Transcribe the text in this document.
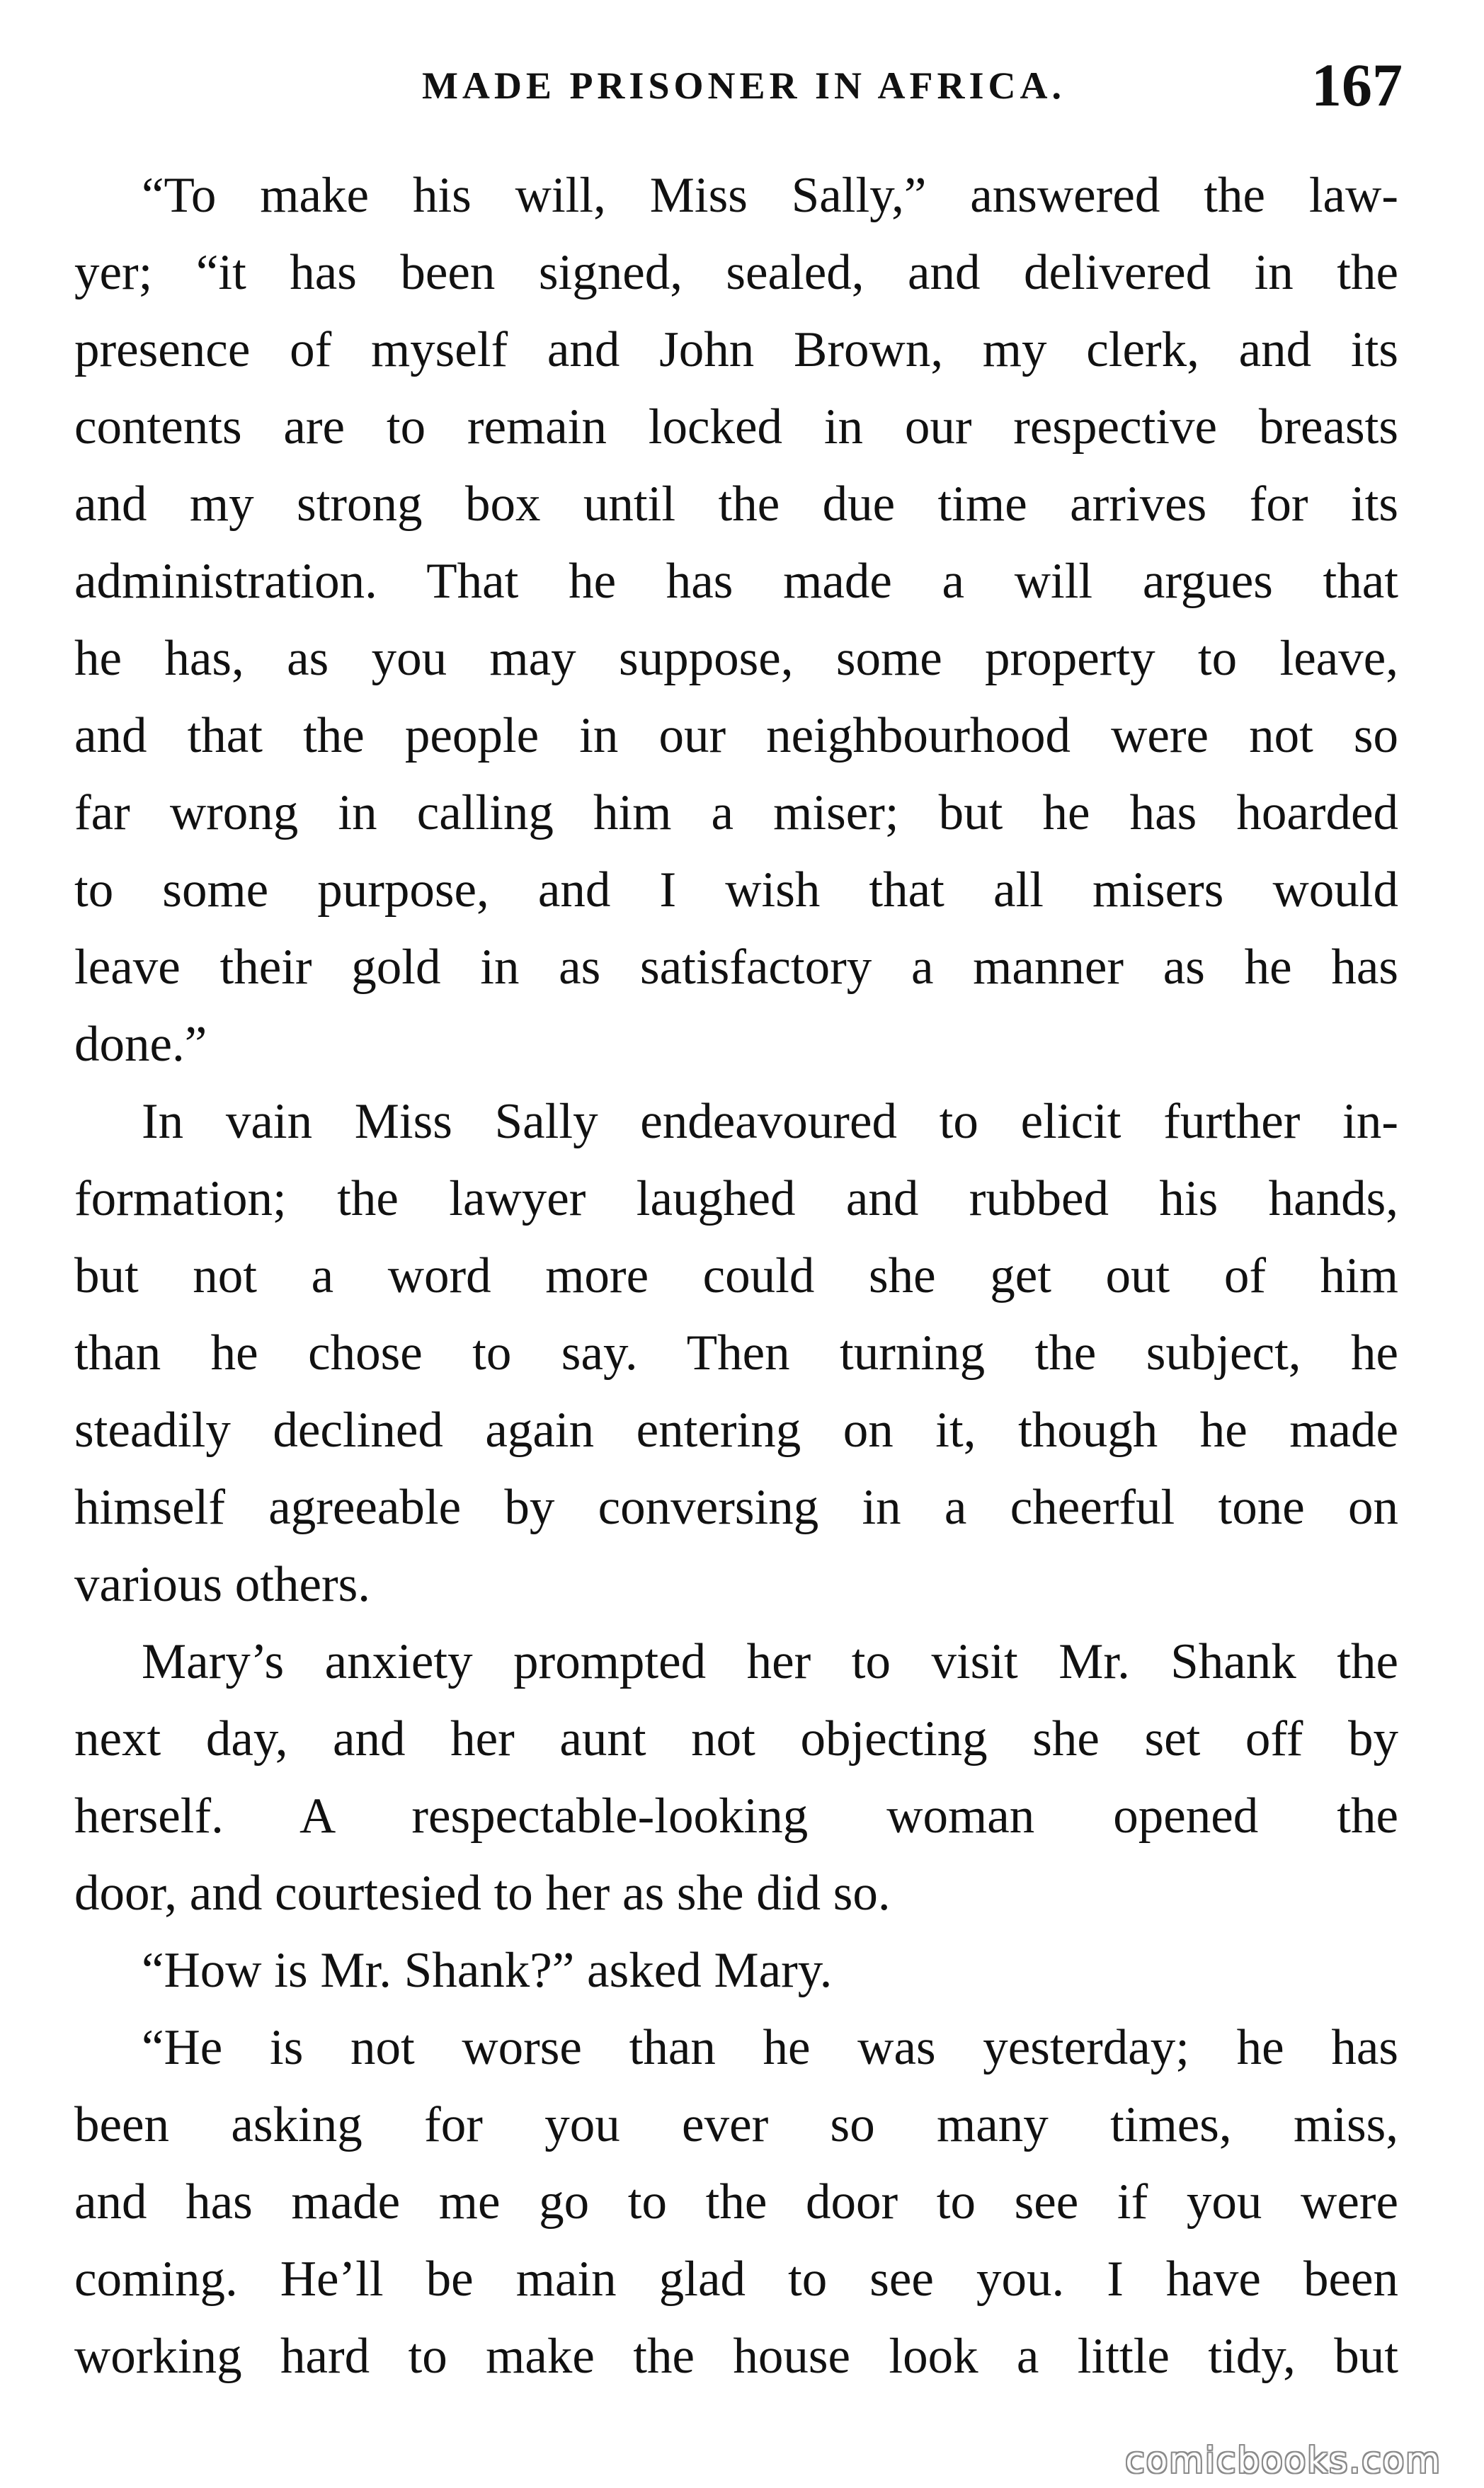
MADE PRISONER IN AFRICA.	167

“To make his will, Miss Sally,” answered the law-
yer; “it has been signed, sealed, and delivered in the
presence of myself and John Brown, my clerk, and its
contents are to remain locked in our respective breasts
and my strong box until the due time arrives for its
administration. That he has made a will argues that
he has, as you may suppose, some property to leave,
and that the people in our neighbourhood were not so
far wrong in calling him a miser; but he has hoarded
to some purpose, and I wish that all misers would
leave their gold in as satisfactory a manner as he has
done.”

In vain Miss Sally endeavoured to elicit further in-
formation; the lawyer laughed and rubbed his hands,
but not a word more could she get out of him
than he chose to say. Then turning the subject, he
steadily declined again entering on it, though he made
himself agreeable by conversing in a cheerful tone on
various others.

Mary’s anxiety prompted her to visit Mr. Shank the
next day, and her aunt not objecting she set off by
herself. A respectable-looking woman opened the
door, and courtesied to her as she did so.

“How is Mr. Shank?” asked Mary.

“He is not worse than he was yesterday; he has
been asking for you ever so many times, miss,
and has made me go to the door to see if you were
coming. He’ll be main glad to see you. I have been
working hard to make the house look a little tidy, but

comicbooks.com
